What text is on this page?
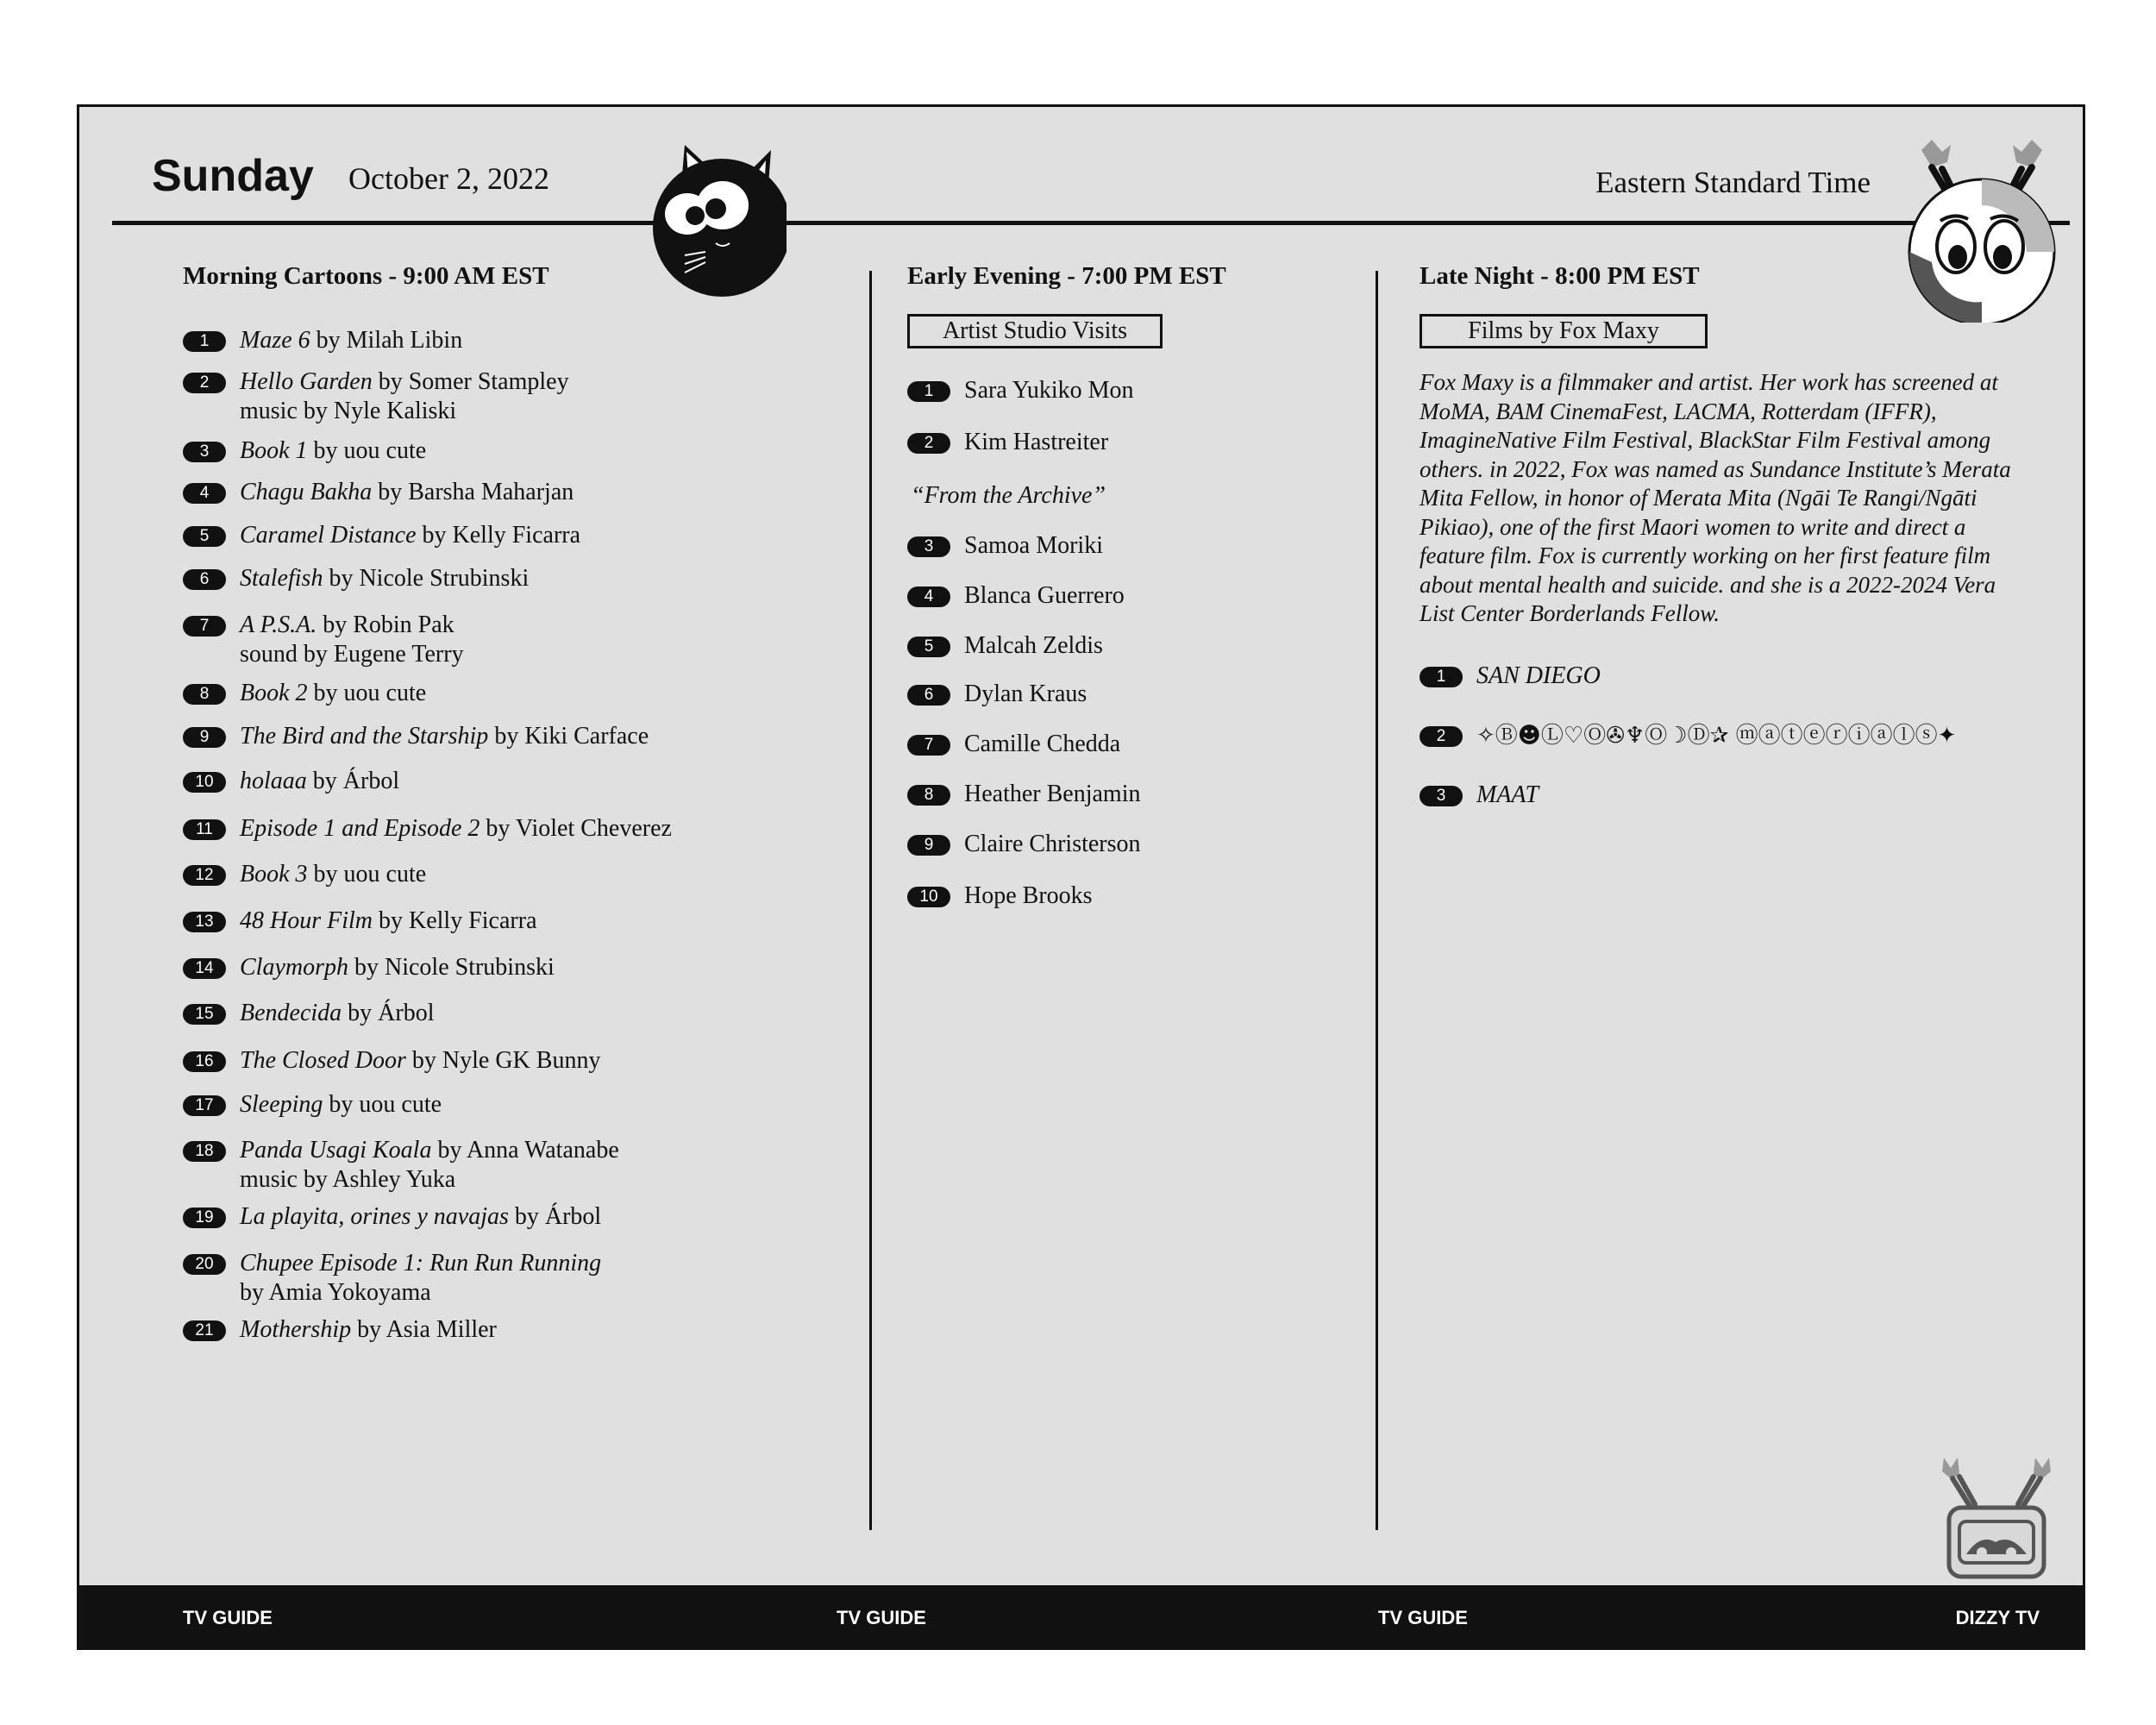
Sunday October 2, 2022	Eastern Standard Time
Morning Cartoons - 9:00 AM EST
1	Maze 6 by Milah Libin
2	Hello Garden by Somer Stampley
music by Nyle Kaliski
3	Book 1 by uou cute
4	Chagu Bakha by Barsha Maharjan
5	Caramel Distance by Kelly Ficarra
6	Stalefish by Nicole Strubinski
7	A P.S.A. by Robin Pak
sound by Eugene Terry
8	Book 2 by uou cute
9	The Bird and the Starship by Kiki Carface
10	holaaa by Árbol
11	Episode 1 and Episode 2 by Violet Cheverez
12	Book 3 by uou cute
13	48 Hour Film by Kelly Ficarra
14	Claymorph by Nicole Strubinski
15	Bendecida by Árbol
16	The Closed Door by Nyle GK Bunny
17	Sleeping by uou cute
18	Panda Usagi Koala by Anna Watanabe
music by Ashley Yuka
19	La playita, orines y navajas by Árbol
20	Chupee Episode 1: Run Run Running
by Amia Yokoyama
21	Mothership by Asia Miller
Early Evening - 7:00 PM EST
Artist Studio Visits
1	Sara Yukiko Mon
2	Kim Hastreiter
3	Samoa Moriki
4	Blanca Guerrero
5	Malcah Zeldis
6	Dylan Kraus
7	Camille Chedda
8	Heather Benjamin
9	Claire Christerson
10	Hope Brooks
“From the Archive”
Late Night - 8:00 PM EST
Films by Fox Maxy
Fox Maxy is a filmmaker and artist. Her work has screened at MoMA, BAM CinemaFest, LACMA, Rotterdam (IFFR), ImagineNative Film Festival, BlackStar Film Festival among others. in 2022, Fox was named as Sundance Institute’s Merata Mita Fellow, in honor of Merata Mita (Ngāi Te Rangi/Ngāti Pikiao), one of the first Maori women to write and direct a feature film. Fox is currently working on her first feature film about mental health and suicide. and she is a 2022-2024 Vera List Center Borderlands Fellow.
1	SAN DIEGO
2	✧Ⓑ☻Ⓛ♡Ⓞ✇♆Ⓞ☽Ⓓ✰ ⓜⓐⓣⓔⓡⓘⓐⓛⓢ✦
3	MAAT
TV GUIDE	TV GUIDE	TV GUIDE	DIZZY TV
